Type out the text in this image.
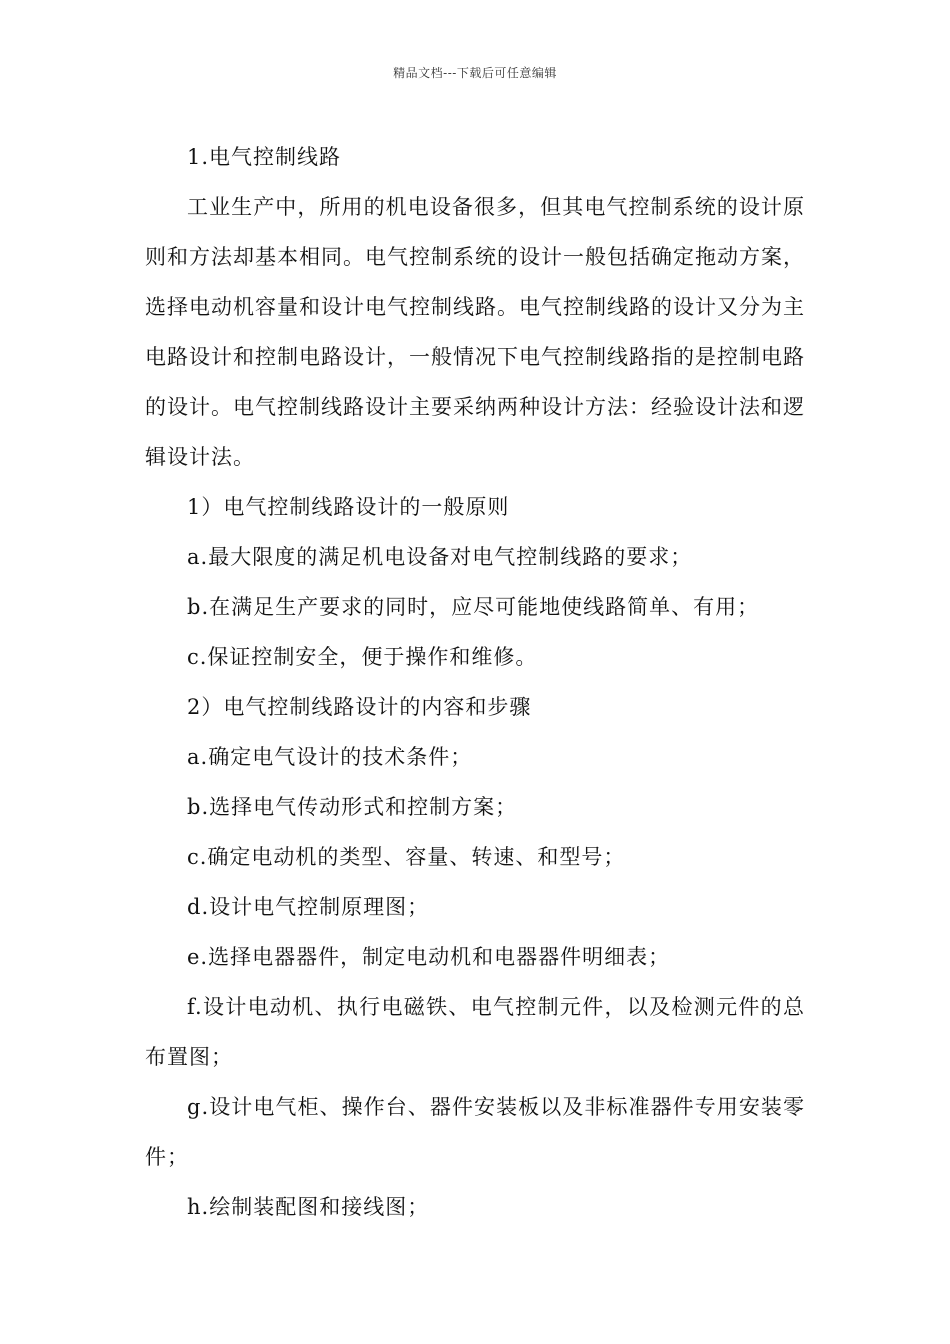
精品文档---下载后可任意编辑

1.电气控制线路

工业生产中，所用的机电设备很多，但其电气控制系统的设计原则和方法却基本相同。电气控制系统的设计一般包括确定拖动方案，选择电动机容量和设计电气控制线路。电气控制线路的设计又分为主电路设计和控制电路设计，一般情况下电气控制线路指的是控制电路的设计。电气控制线路设计主要采纳两种设计方法：经验设计法和逻辑设计法。

1）电气控制线路设计的一般原则

a.最大限度的满足机电设备对电气控制线路的要求；

b.在满足生产要求的同时，应尽可能地使线路简单、有用；

c.保证控制安全，便于操作和维修。

2）电气控制线路设计的内容和步骤

a.确定电气设计的技术条件；

b.选择电气传动形式和控制方案；

c.确定电动机的类型、容量、转速、和型号；

d.设计电气控制原理图；

e.选择电器器件，制定电动机和电器器件明细表；

f.设计电动机、执行电磁铁、电气控制元件，以及检测元件的总布置图；

g.设计电气柜、操作台、器件安装板以及非标准器件专用安装零件；

h.绘制装配图和接线图；
